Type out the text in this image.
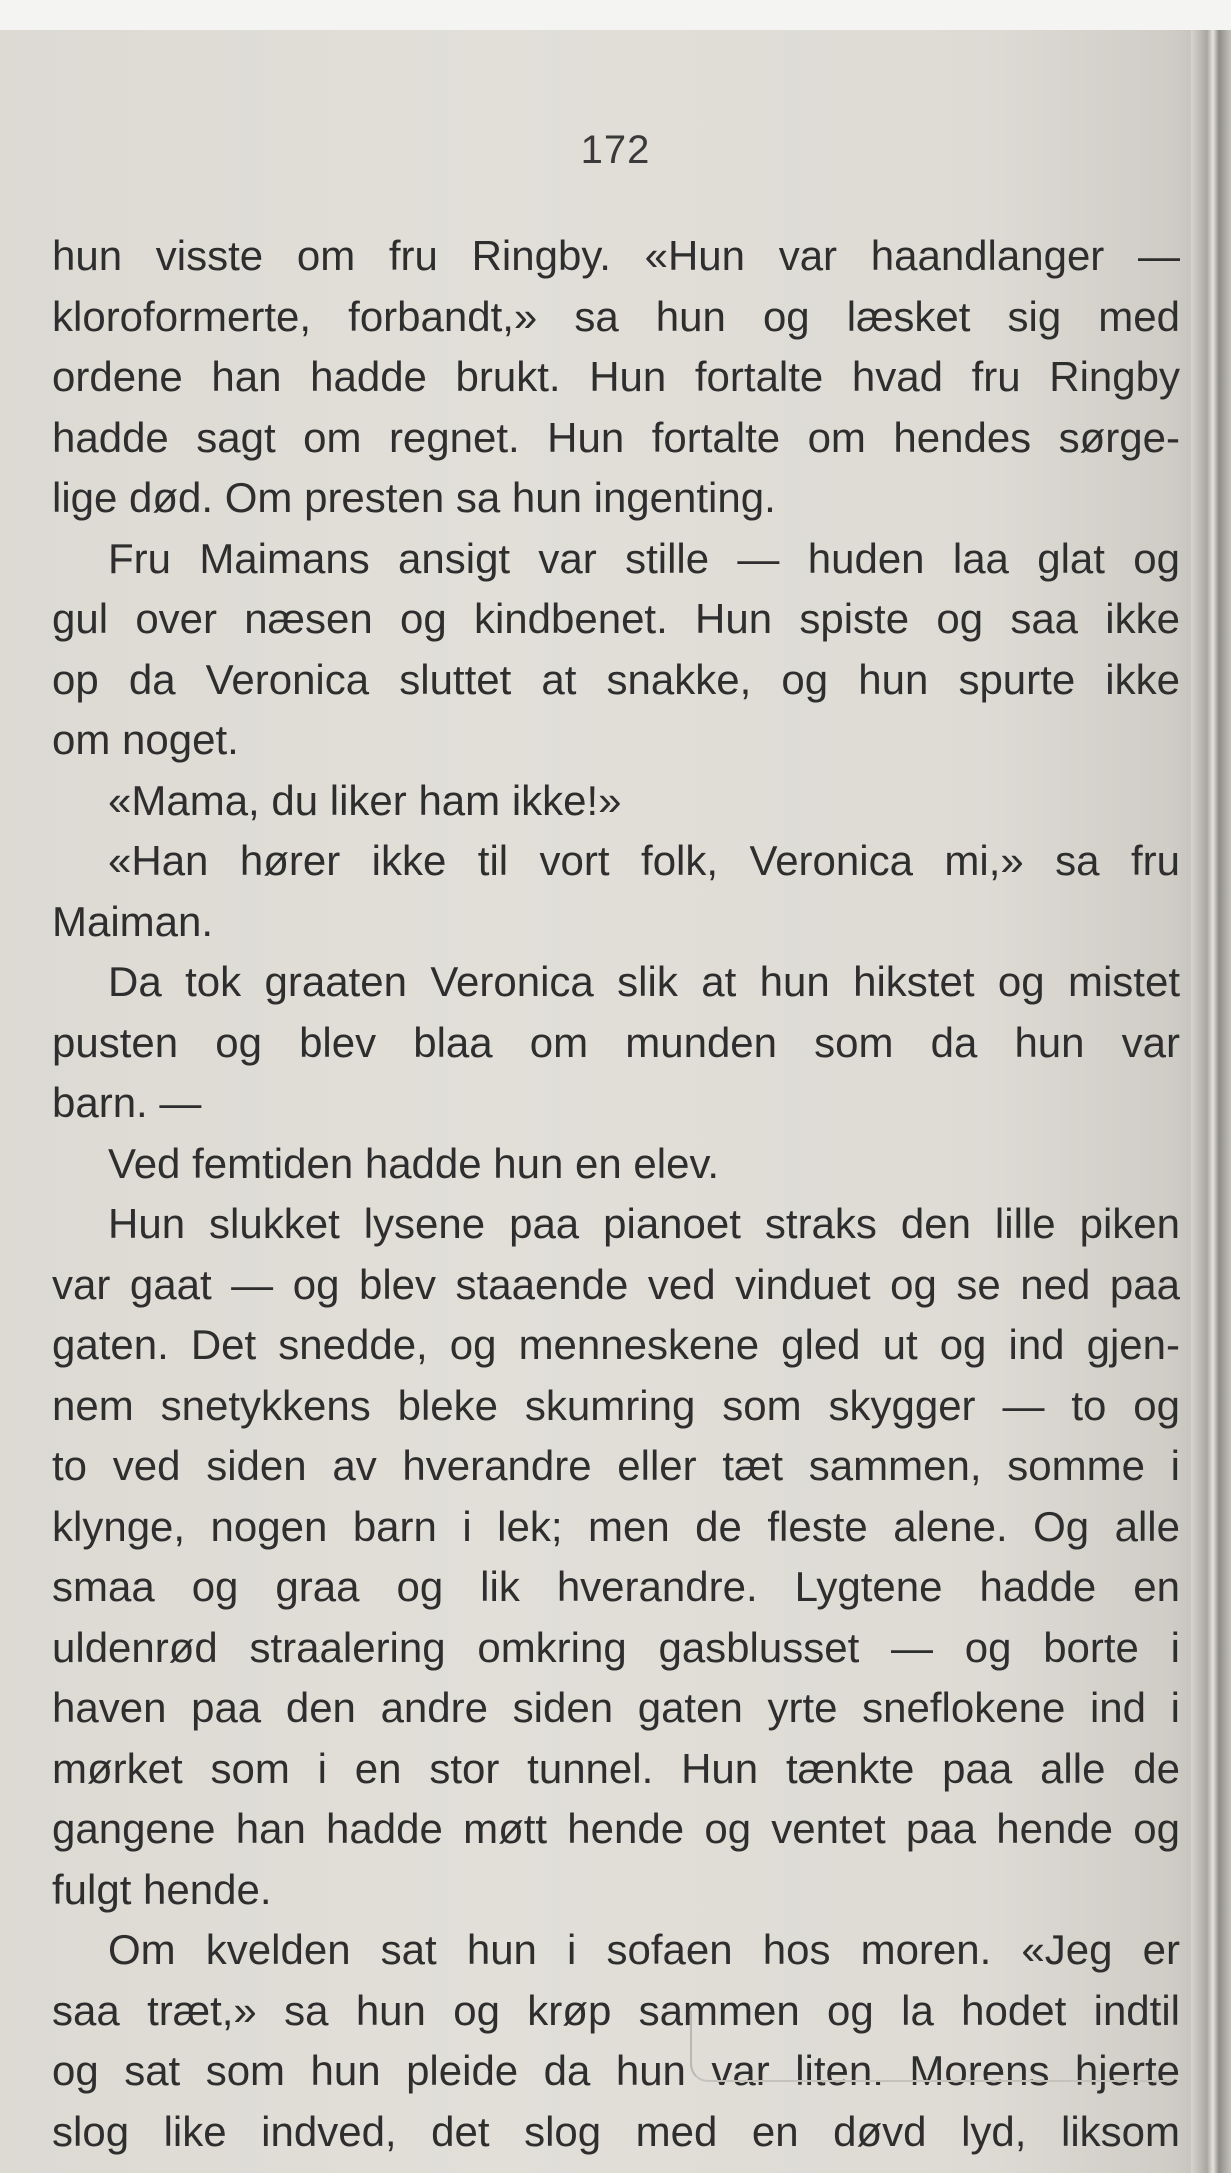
172
hun visste om fru Ringby. «Hun var haandlanger —
kloroformerte, forbandt,» sa hun og læsket sig med
ordene han hadde brukt. Hun fortalte hvad fru Ringby
hadde sagt om regnet. Hun fortalte om hendes sørge-
lige død. Om presten sa hun ingenting.
Fru Maimans ansigt var stille — huden laa glat og
gul over næsen og kindbenet. Hun spiste og saa ikke
op da Veronica sluttet at snakke, og hun spurte ikke
om noget.
«Mama, du liker ham ikke!»
«Han hører ikke til vort folk, Veronica mi,» sa fru
Maiman.
Da tok graaten Veronica slik at hun hikstet og mistet
pusten og blev blaa om munden som da hun var
barn. —
Ved femtiden hadde hun en elev.
Hun slukket lysene paa pianoet straks den lille piken
var gaat — og blev staaende ved vinduet og se ned paa
gaten. Det snedde, og menneskene gled ut og ind gjen-
nem snetykkens bleke skumring som skygger — to og
to ved siden av hverandre eller tæt sammen, somme i
klynge, nogen barn i lek; men de fleste alene. Og alle
smaa og graa og lik hverandre. Lygtene hadde en
uldenrød straalering omkring gasblusset — og borte i
haven paa den andre siden gaten yrte sneflokene ind i
mørket som i en stor tunnel. Hun tænkte paa alle de
gangene han hadde møtt hende og ventet paa hende og
fulgt hende.
Om kvelden sat hun i sofaen hos moren. «Jeg er
saa træt,» sa hun og krøp sammen og la hodet indtil
og sat som hun pleide da hun var liten. Morens hjerte
slog like indved, det slog med en døvd lyd, liksom
